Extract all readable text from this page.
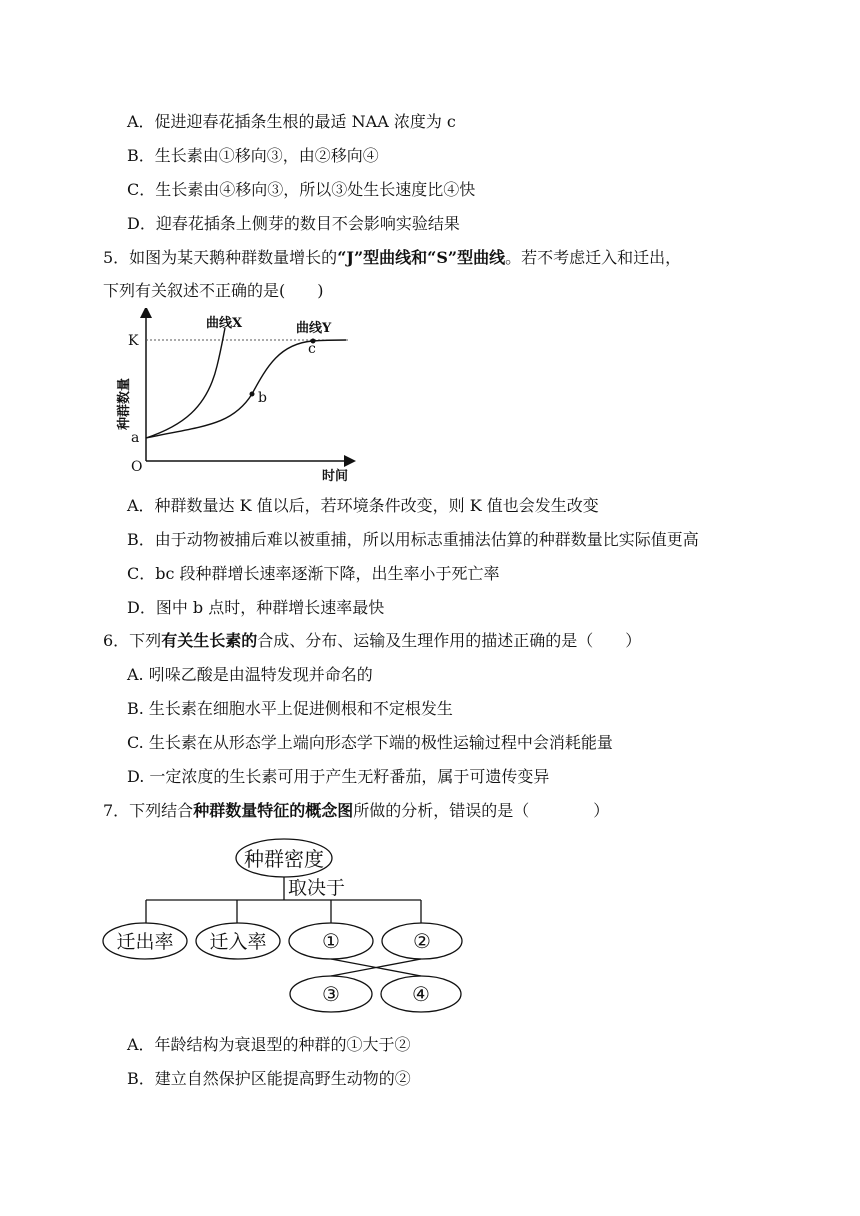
A．促进迎春花插条生根的最适 NAA 浓度为 c
B．生长素由①移向③，由②移向④
C．生长素由④移向③，所以③处生长速度比④快
D．迎春花插条上侧芽的数目不会影响实验结果
5．如图为某天鹅种群数量增长的“J”型曲线和“S”型曲线。若不考虑迁入和迁出，
下列有关叙述不正确的是(　　)
K
a
O
b
c
曲线X	曲线Y
时间
种群数量
A．种群数量达 K 值以后，若环境条件改变，则 K 值也会发生改变
B．由于动物被捕后难以被重捕，所以用标志重捕法估算的种群数量比实际值更高
C．bc 段种群增长速率逐渐下降，出生率小于死亡率
D．图中 b 点时，种群增长速率最快
6．下列有关生长素的合成、分布、运输及生理作用的描述正确的是（　　）
A. 吲哚乙酸是由温特发现并命名的
B. 生长素在细胞水平上促进侧根和不定根发生
C. 生长素在从形态学上端向形态学下端的极性运输过程中会消耗能量
D. 一定浓度的生长素可用于产生无籽番茄，属于可遗传变异
7．下列结合种群数量特征的概念图所做的分析，错误的是（　　　　）
种群密度
取决于
迁出率 迁入率	①	②
③	④
A．年龄结构为衰退型的种群的①大于②
B．建立自然保护区能提高野生动物的②
